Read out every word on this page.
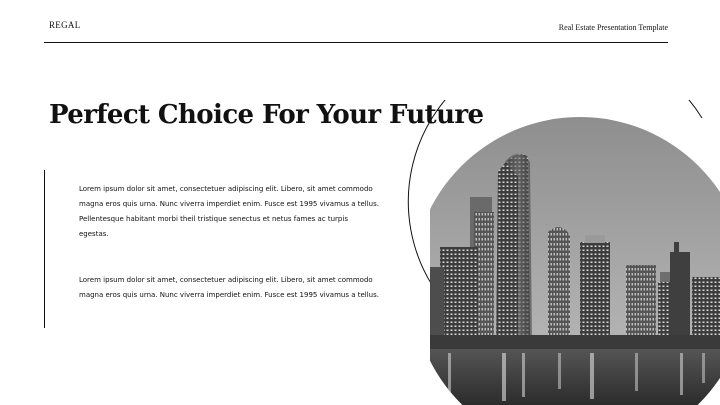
REGAL	Real Estate Presentation Template
Perfect Choice For Your Future
Lorem ipsum dolor sit amet, consectetuer adipiscing elit. Libero, sit amet commodo magna eros quis urna. Nunc viverra imperdiet enim. Fusce est 1995 vivamus a tellus. Pellentesque habitant morbi theil tristique senectus et netus fames ac turpis egestas.
Lorem ipsum dolor sit amet, consectetuer adipiscing elit. Libero, sit amet commodo magna eros quis urna. Nunc viverra imperdiet enim. Fusce est 1995 vivamus a tellus.
